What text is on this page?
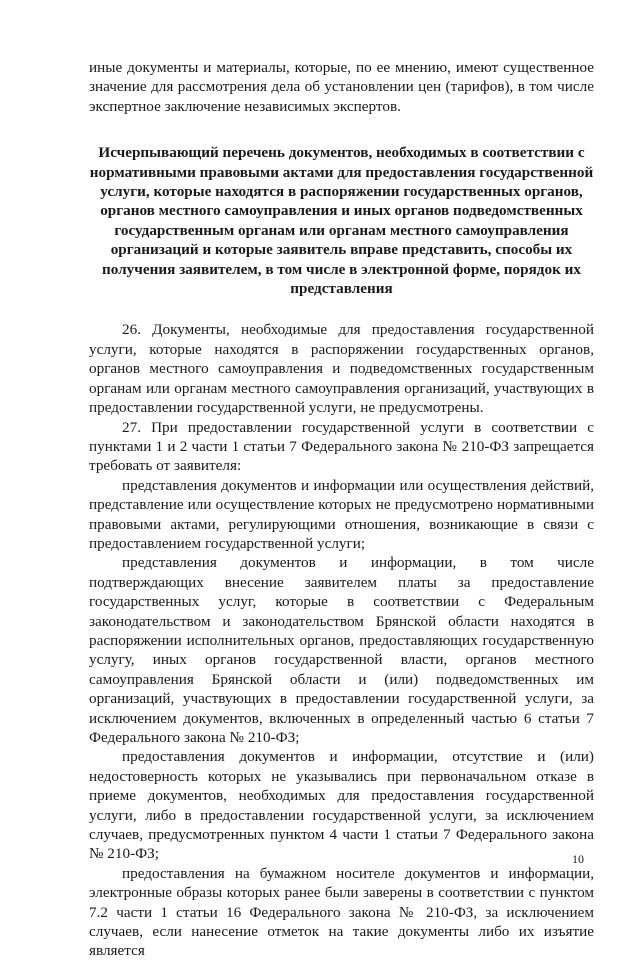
иные документы и материалы, которые, по ее мнению, имеют существенное значение для рассмотрения дела об установлении цен (тарифов), в том числе экспертное заключение независимых экспертов.

Исчерпывающий перечень документов, необходимых в соответствии с нормативными правовыми актами для предоставления государственной услуги, которые находятся в распоряжении государственных органов, органов местного самоуправления и иных органов подведомственных государственным органам или органам местного самоуправления организаций и которые заявитель вправе представить, способы их получения заявителем, в том числе в электронной форме, порядок их представления

26. Документы, необходимые для предоставления государственной услуги, которые находятся в распоряжении государственных органов, органов местного самоуправления и подведомственных государственным органам или органам местного самоуправления организаций, участвующих в предоставлении государственной услуги, не предусмотрены.

27. При предоставлении государственной услуги в соответствии с пунктами 1 и 2 части 1 статьи 7 Федерального закона № 210-ФЗ запрещается требовать от заявителя:

представления документов и информации или осуществления действий, представление или осуществление которых не предусмотрено нормативными правовыми актами, регулирующими отношения, возникающие в связи с предоставлением государственной услуги;

представления документов и информации, в том числе подтверждающих внесение заявителем платы за предоставление государственных услуг, которые в соответствии с Федеральным законодательством и законодательством Брянской области находятся в распоряжении исполнительных органов, предоставляющих государственную услугу, иных органов государственной власти, органов местного самоуправления Брянской области и (или) подведомственных им организаций, участвующих в предоставлении государственной услуги, за исключением документов, включенных в определенный частью 6 статьи 7 Федерального закона № 210-ФЗ;

предоставления документов и информации, отсутствие и (или) недостоверность которых не указывались при первоначальном отказе в приеме документов, необходимых для предоставления государственной услуги, либо в предоставлении государственной услуги, за исключением случаев, предусмотренных пунктом 4 части 1 статьи 7 Федерального закона № 210-ФЗ;

предоставления на бумажном носителе документов и информации, электронные образы которых ранее были заверены в соответствии с пунктом 7.2 части 1 статьи 16 Федерального закона № 210-ФЗ, за исключением случаев, если нанесение отметок на такие документы либо их изъятие является

10
